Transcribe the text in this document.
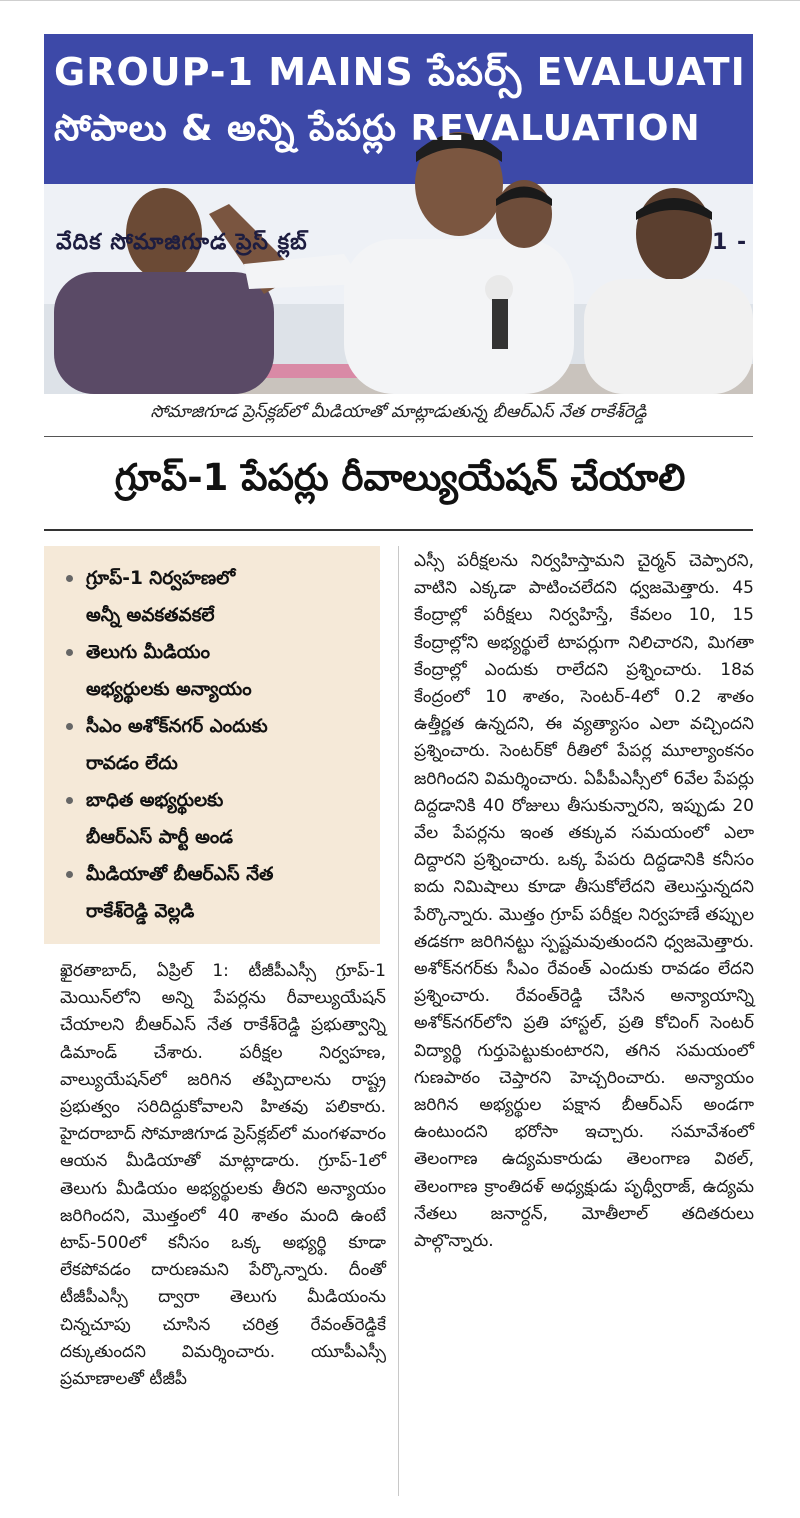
GROUP-1 MAINS పేపర్స్ EVALUATI
సోపాలు & అన్ని పేపర్లు REVALUATION
వేదిక సోమాజిగూడ ప్రెస్ క్లబ్	1 -
సోమాజిగూడ ప్రెస్‌క్లబ్‌లో మీడియాతో మాట్లాడుతున్న బీఆర్‌ఎస్ నేత రాకేశ్‌రెడ్డి
గ్రూప్-1 పేపర్లు రీవాల్యుయేషన్ చేయాలి
గ్రూప్-1 నిర్వహణలో
అన్నీ అవకతవకలే
తెలుగు మీడియం
అభ్యర్థులకు అన్యాయం
సీఎం అశోక్‌నగర్ ఎందుకు
రావడం లేదు
బాధిత అభ్యర్థులకు
బీఆర్ఎస్ పార్టీ అండ
మీడియాతో బీఆర్ఎస్ నేత
రాకేశ్‌రెడ్డి వెల్లడి

ఖైరతాబాద్, ఏప్రిల్ 1: టీజీపీఎస్సీ గ్రూప్-1 మెయిన్‌లోని అన్ని పేపర్లను రీవాల్యుయేషన్ చేయాలని బీఆర్‌ఎస్ నేత రాకేశ్‌రెడ్డి ప్రభుత్వాన్ని డిమాండ్ చేశారు. పరీక్షల నిర్వహణ, వాల్యుయేషన్‌లో జరిగిన తప్పిదాలను రాష్ట్ర ప్రభుత్వం సరిదిద్దుకోవాలని హితవు పలికారు. హైదరాబాద్ సోమాజిగూడ ప్రెస్‌క్లబ్‌లో మంగళవారం ఆయన మీడియాతో మాట్లాడారు. గ్రూప్-1లో తెలుగు మీడియం అభ్యర్థులకు తీరని అన్యాయం జరిగిందని, మొత్తంలో 40 శాతం మంది ఉంటే టాప్-500లో కనీసం ఒక్క అభ్యర్థి కూడా లేకపోవడం దారుణమని పేర్కొన్నారు. దీంతో టీజీపీఎస్సీ ద్వారా తెలుగు మీడియంను చిన్నచూపు చూసిన చరిత్ర రేవంత్‌రెడ్డికే దక్కుతుందని విమర్శించారు. యూపీఎస్సీ ప్రమాణాలతో టీజీపీ

ఎస్సీ పరీక్షలను నిర్వహిస్తామని చైర్మన్ చెప్పారని, వాటిని ఎక్కడా పాటించలేదని ధ్వజమెత్తారు. 45 కేంద్రాల్లో పరీక్షలు నిర్వహిస్తే, కేవలం 10, 15 కేంద్రాల్లోని అభ్యర్థులే టాపర్లుగా నిలిచారని, మిగతా కేంద్రాల్లో ఎందుకు రాలేదని ప్రశ్నించారు. 18వ కేంద్రంలో 10 శాతం, సెంటర్-4లో 0.2 శాతం ఉత్తీర్ణత ఉన్నదని, ఈ వ్యత్యాసం ఎలా వచ్చిందని ప్రశ్నించారు. సెంటర్‌కో రీతిలో పేపర్ల మూల్యాంకనం జరిగిందని విమర్శించారు. ఏపీపీఎస్సీలో 6వేల పేపర్లు దిద్దడానికి 40 రోజులు తీసుకున్నారని, ఇప్పుడు 20 వేల పేపర్లను ఇంత తక్కువ సమయంలో ఎలా దిద్దారని ప్రశ్నించారు. ఒక్క పేపరు దిద్దడానికి కనీసం ఐదు నిమిషాలు కూడా తీసుకోలేదని తెలుస్తున్నదని పేర్కొన్నారు. మొత్తం గ్రూప్ పరీక్షల నిర్వహణే తప్పుల తడకగా జరిగినట్టు స్పష్టమవుతుందని ధ్వజమెత్తారు. అశోక్‌నగర్‌కు సీఎం రేవంత్ ఎందుకు రావడం లేదని ప్రశ్నించారు. రేవంత్‌రెడ్డి చేసిన అన్యాయాన్ని అశోక్‌నగర్‌లోని ప్రతి హాస్టల్, ప్రతి కోచింగ్ సెంటర్ విద్యార్థి గుర్తుపెట్టుకుంటారని, తగిన సమయంలో గుణపాఠం చెప్తారని హెచ్చరించారు. అన్యాయం జరిగిన అభ్యర్థుల పక్షాన బీఆర్‌ఎస్ అండగా ఉంటుందని భరోసా ఇచ్చారు. సమావేశంలో తెలంగాణ ఉద్యమకారుడు తెలంగాణ విఠల్, తెలంగాణ క్రాంతిదళ్ అధ్యక్షుడు పృథ్వీరాజ్, ఉద్యమ నేతలు జనార్దన్, మోతీలాల్ తదితరులు పాల్గొన్నారు.
